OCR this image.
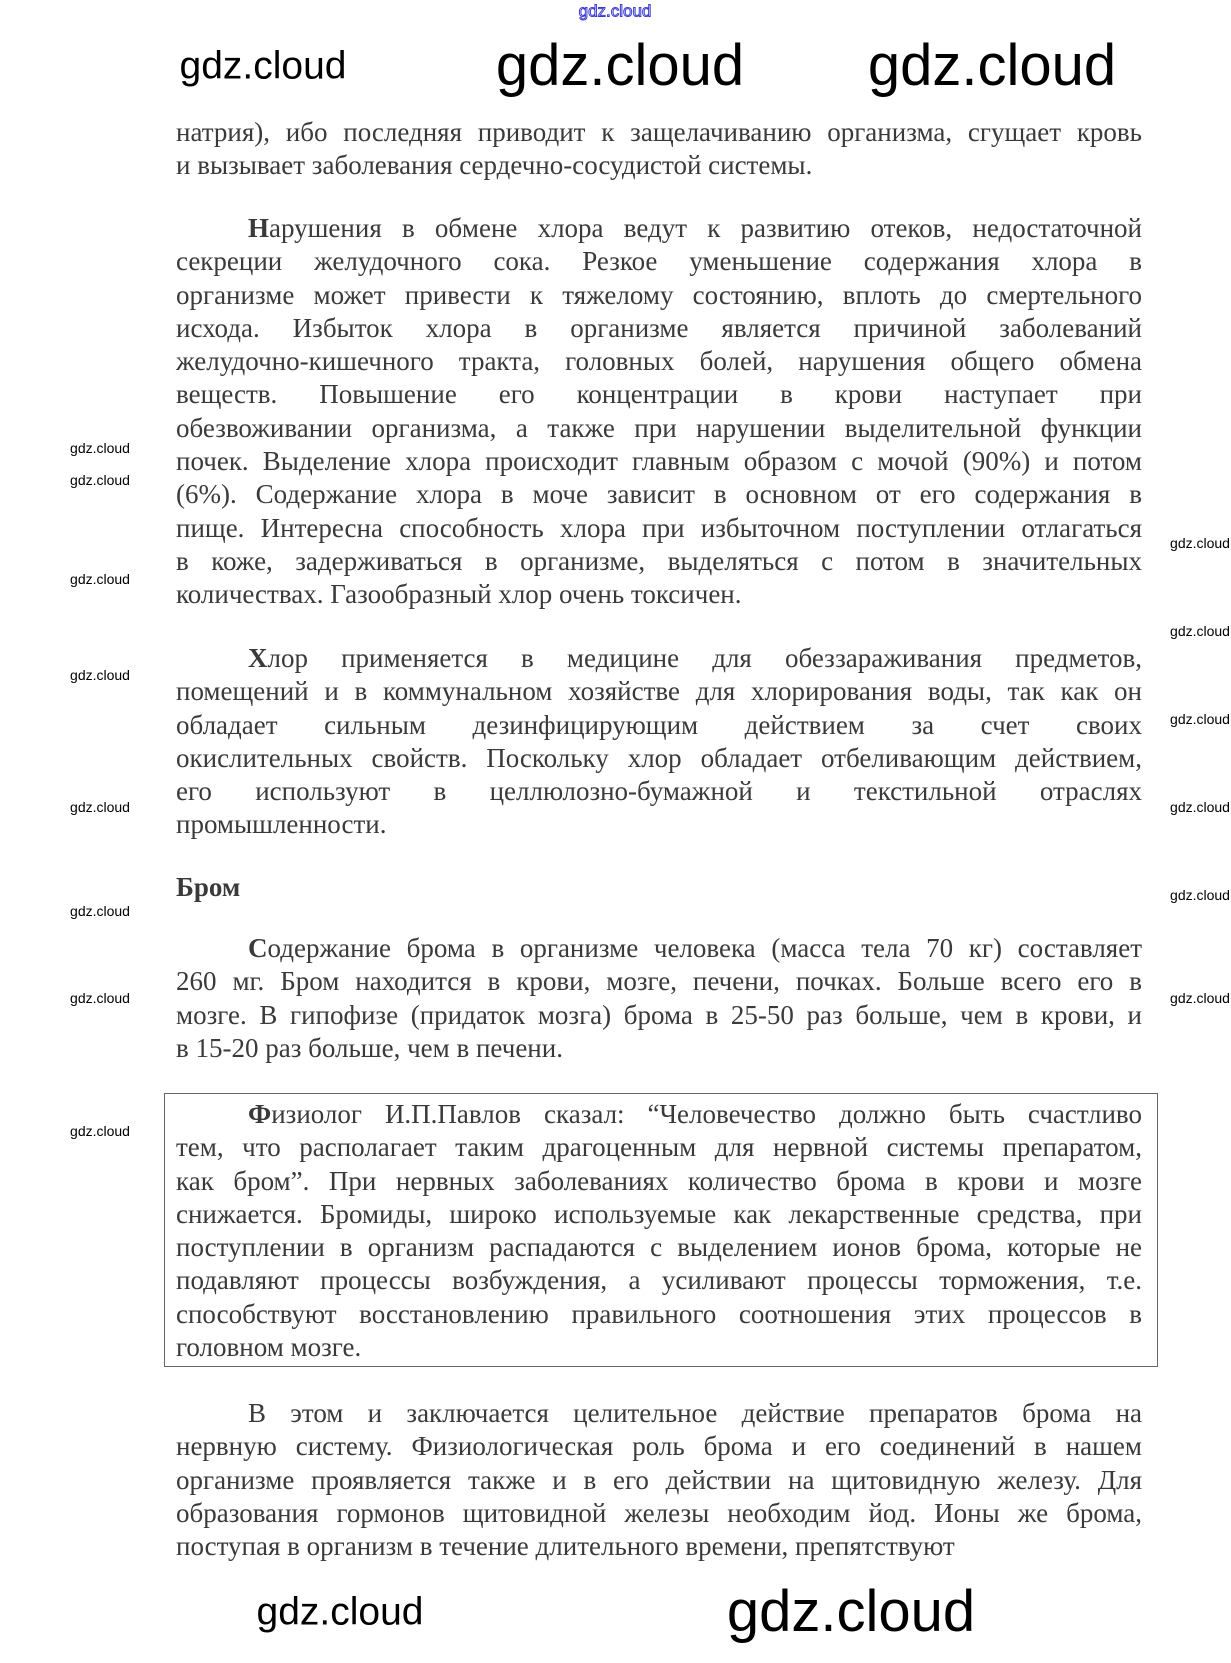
натрия), ибо последняя приводит к защелачиванию организма, сгущает кровь
и вызывает заболевания сердечно-сосудистой системы.
Нарушения в обмене хлора ведут к развитию отеков, недостаточной
секреции желудочного сока. Резкое уменьшение содержания хлора в
организме может привести к тяжелому состоянию, вплоть до смертельного
исхода. Избыток хлора в организме является причиной заболеваний
желудочно-кишечного тракта, головных болей, нарушения общего обмена
веществ. Повышение его концентрации в крови наступает при
обезвоживании организма, а также при нарушении выделительной функции
почек. Выделение хлора происходит главным образом с мочой (90%) и потом
(6%). Содержание хлора в моче зависит в основном от его содержания в
пище. Интересна способность хлора при избыточном поступлении отлагаться
в коже, задерживаться в организме, выделяться с потом в значительных
количествах. Газообразный хлор очень токсичен.
Хлор применяется в медицине для обеззараживания предметов,
помещений и в коммунальном хозяйстве для хлорирования воды, так как он
обладает сильным дезинфицирующим действием за счет своих
окислительных свойств. Поскольку хлор обладает отбеливающим действием,
его используют в целлюлозно-бумажной и текстильной отраслях
промышленности.
Бром
Содержание брома в организме человека (масса тела 70 кг) составляет
260 мг. Бром находится в крови, мозге, печени, почках. Больше всего его в
мозге. В гипофизе (придаток мозга) брома в 25-50 раз больше, чем в крови, и
в 15-20 раз больше, чем в печени.
Физиолог И.П.Павлов сказал: “Человечество должно быть счастливо
тем, что располагает таким драгоценным для нервной системы препаратом,
как бром”. При нервных заболеваниях количество брома в крови и мозге
снижается. Бромиды, широко используемые как лекарственные средства, при
поступлении в организм распадаются с выделением ионов брома, которые не
подавляют процессы возбуждения, а усиливают процессы торможения, т.е.
способствуют восстановлению правильного соотношения этих процессов в
головном мозге.
В этом и заключается целительное действие препаратов брома на
нервную систему. Физиологическая роль брома и его соединений в нашем
организме проявляется также и в его действии на щитовидную железу. Для
образования гормонов щитовидной железы необходим йод. Ионы же брома,
поступая в организм в течение длительного времени, препятствуют
gdz.cloud
gdz.cloud
gdz.cloud
gdz.cloud
gdz.cloud
gdz.cloud
gdz.cloud
gdz.cloud
gdz.cloud
gdz.cloud
gdz.cloud	gdz.cloud
gdz.cloud
gdz.cloud
gdz.cloud
gdz.cloud	gdz.cloud
gdz.cloud
gdz.cloud
gdz.cloud
